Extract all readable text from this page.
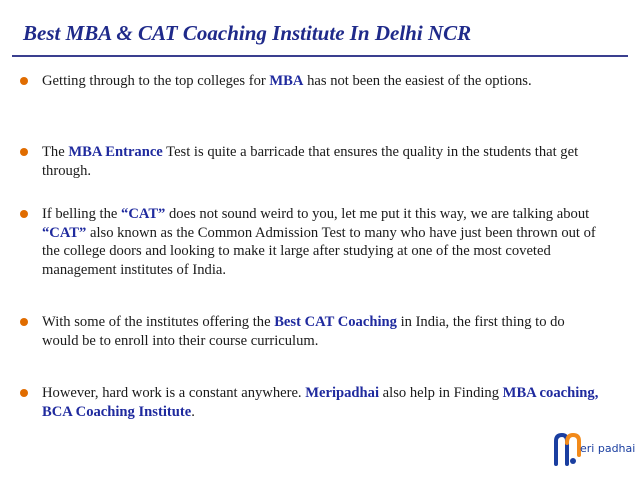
Best MBA & CAT Coaching Institute In Delhi NCR
Getting through to the top colleges for MBA has not been the easiest of the options.
The MBA Entrance Test is quite a barricade that ensures the quality in the students that get through.
If belling the “CAT” does not sound weird to you, let me put it this way, we are talking about “CAT” also known as the Common Admission Test to many who have just been thrown out of the college doors and looking to make it large after studying at one of the most coveted management institutes of India.
With some of the institutes offering the Best CAT Coaching in India, the first thing to do would be to enroll into their course curriculum.
However, hard work is a constant anywhere. Meripadhai also help in Finding MBA coaching, BCA Coaching Institute.
eri padhai
